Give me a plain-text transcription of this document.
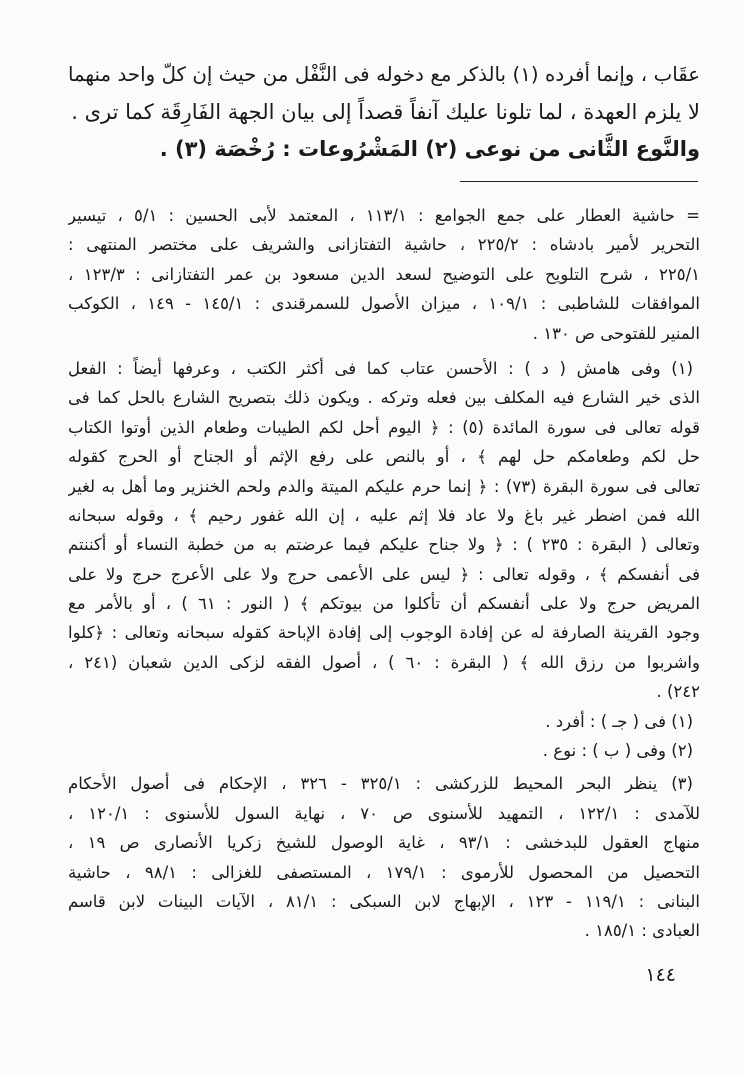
عقَاب ، وإنما أفرده (١) بالذكر مع دخوله فى النَّفْل من حيث إن كلّ واحد منهما
لا يلزم العهدة ، لما تلونا عليك آنفاً قصداً إلى بيان الجهة الفَارِقَة كما ترى .
والنَّوع الثَّانى من نوعى (٢) المَشْرُوعات : رُخْصَة (٣) .
= حاشية العطار على جمع الجوامع : ١١٣/١ ، المعتمد لأبى الحسين : ٥/١ ، تيسير
التحرير لأمير بادشاه : ٢٢٥/٢ ، حاشية التفتازانى والشريف على مختصر المنتهى :
٢٢٥/١ ، شرح التلويح على التوضيح لسعد الدين مسعود بن عمر التفتازانى : ١٢٣/٣ ،
الموافقات للشاطبى : ١٠٩/١ ، ميزان الأصول للسمرقندى : ١٤٥/١ - ١٤٩ ، الكوكب
المنير للفتوحى ص ١٣٠ .
(١) وفى هامش ( د ) : الأحسن عتاب كما فى أكثر الكتب ، وعرفها أيضاً : الفعل
الذى خير الشارع فيه المكلف بين فعله وتركه . ويكون ذلك بتصريح الشارع بالحل كما فى
قوله تعالى فى سورة المائدة (٥) : ﴿ اليوم أحل لكم الطيبات وطعام الذين أوتوا الكتاب
حل لكم وطعامكم حل لهم ﴾ ، أو بالنص على رفع الإثم أو الجناح أو الحرج كقوله
تعالى فى سورة البقرة (٧٣) : ﴿ إنما حرم عليكم الميتة والدم ولحم الخنزير وما أهل به لغير
الله فمن اضطر غير باغ ولا عاد فلا إثم عليه ، إن الله غفور رحيم ﴾ ، وقوله سبحانه
وتعالى ( البقرة : ٢٣٥ ) : ﴿ ولا جناح عليكم فيما عرضتم به من خطبة النساء أو أكننتم
فى أنفسكم ﴾ ، وقوله تعالى : ﴿ ليس على الأعمى حرج ولا على الأعرج حرج ولا على
المريض حرج ولا على أنفسكم أن تأكلوا من بيوتكم ﴾ ( النور : ٦١ ) ، أو بالأمر مع
وجود القرينة الصارفة له عن إفادة الوجوب إلى إفادة الإباحة كقوله سبحانه وتعالى : ﴿كلوا
واشربوا من رزق الله ﴾ ( البقرة : ٦٠ ) ، أصول الفقه لزكى الدين شعبان (٢٤١ ،
٢٤٢) .
(١) فى ( جـ ) : أفرد .
(٢) وفى ( ب ) : نوع .
(٣) ينظر البحر المحيط للزركشى : ٣٢٥/١ - ٣٢٦ ، الإحكام فى أصول الأحكام
للآمدى : ١٢٢/١ ، التمهيد للأسنوى ص ٧٠ ، نهاية السول للأسنوى : ١٢٠/١ ،
منهاج العقول للبدخشى : ٩٣/١ ، غاية الوصول للشيخ زكريا الأنصارى ص ١٩ ،
التحصيل من المحصول للأرموى : ١٧٩/١ ، المستصفى للغزالى : ٩٨/١ ، حاشية
البنانى : ١١٩/١ - ١٢٣ ، الإبهاج لابن السبكى : ٨١/١ ، الآيات البينات لابن قاسم
العبادى : ١٨٥/١ .
١٤٤
